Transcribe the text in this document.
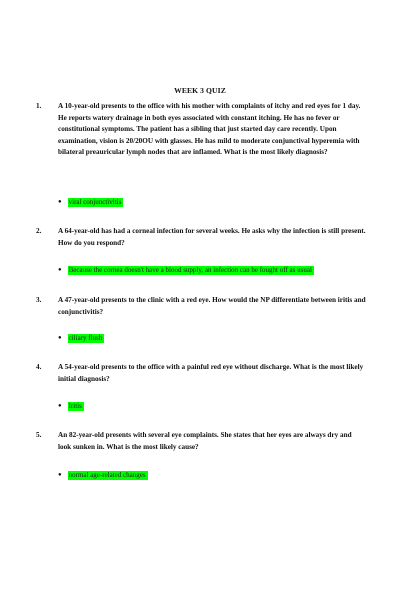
WEEK 3 QUIZ
1.	A 10-year-old presents to the office with his mother with complaints of itchy and red eyes for 1 day. He reports watery drainage in both eyes associated with constant itching. He has no fever or constitutional symptoms. The patient has a sibling that just started day care recently. Upon examination, vision is 20/20OU with glasses. He has mild to moderate conjunctival hyperemia with bilateral preauricular lymph nodes that are inflamed. What is the most likely diagnosis?
● viral conjunctivitis
2.	A 64-year-old has had a corneal infection for several weeks. He asks why the infection is still present. How do you respond?
● Because the cornea doesn't have a blood supply, an infection can be fought off as usual
3.	A 47-year-old presents to the clinic with a red eye. How would the NP differentiate between iritis and conjunctivitis?
● ciliary flush
4.	A 54-year-old presents to the office with a painful red eye without discharge. What is the most likely initial diagnosis?
● Iritis
5.	An 82-year-old presents with several eye complaints. She states that her eyes are always dry and look sunken in. What is the most likely cause?
● normal age-related changes
